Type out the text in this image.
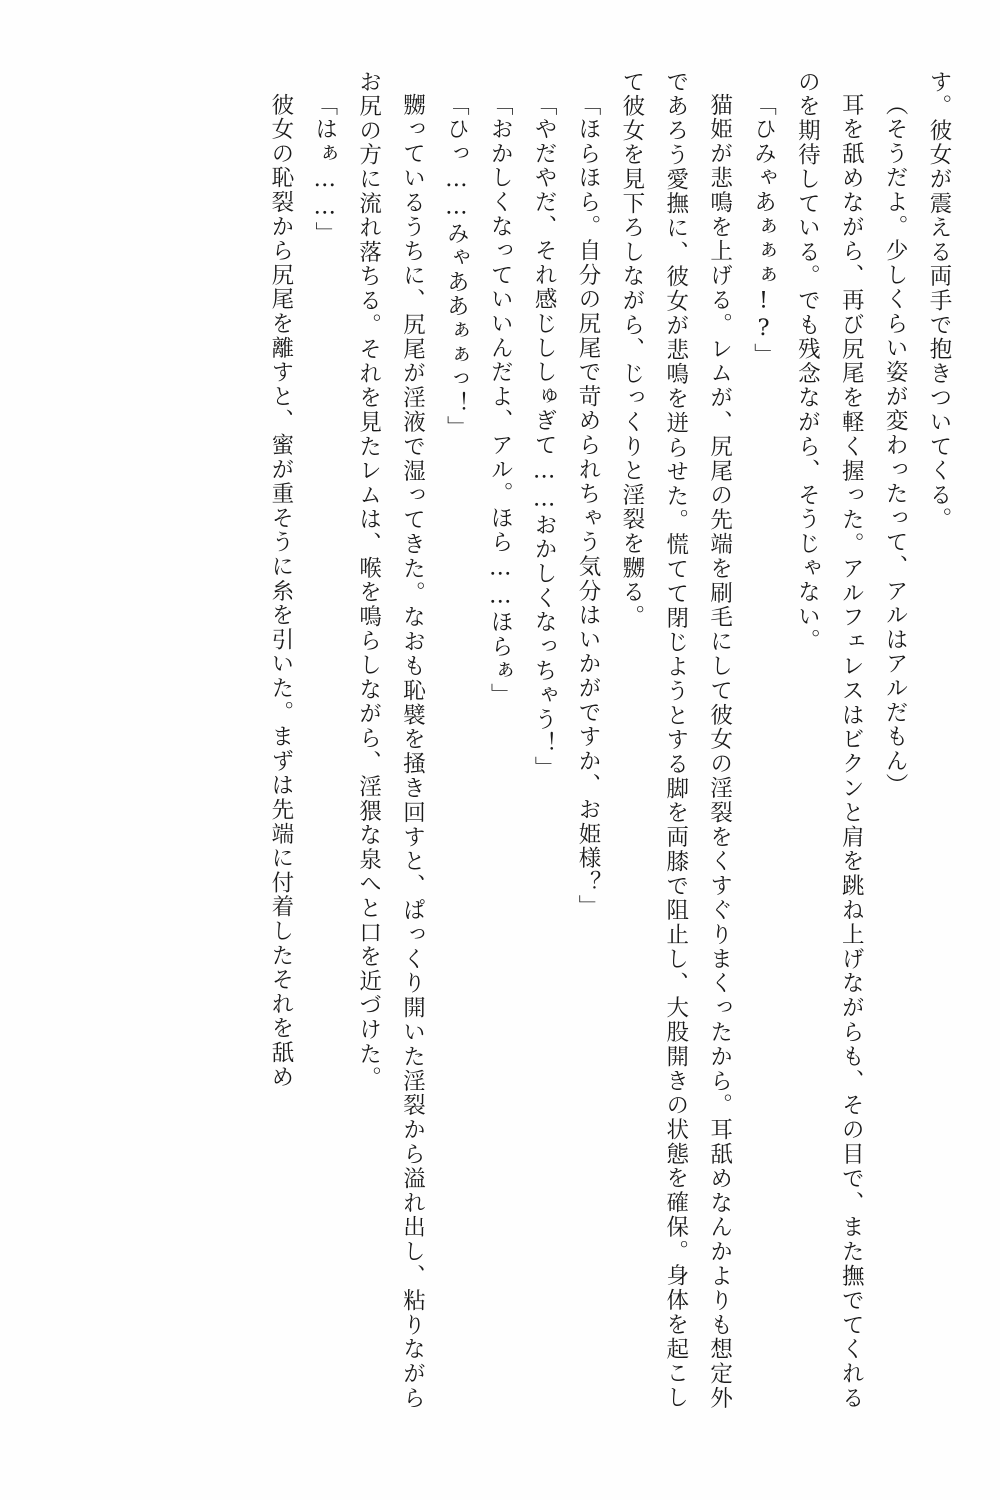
す。彼女が震える両手で抱きついてくる。

（そうだよ。少しくらい姿が変わったって、アルはアルだもん）

耳を舐めながら、再び尻尾を軽く握った。アルフェレスはビクンと肩を跳ね上げながらも、その目で、また撫でてくれるのを期待している。でも残念ながら、そうじゃない。

「ひみゃあぁぁぁ!?」

猫姫が悲鳴を上げる。レムが、尻尾の先端を刷毛にして彼女の淫裂をくすぐりまくったから。耳舐めなんかよりも想定外であろう愛撫に、彼女が悲鳴を迸らせた。慌てて閉じようとする脚を両膝で阻止し、大股開きの状態を確保。身体を起こして彼女を見下ろしながら、じっくりと淫裂を嬲る。

「ほらほら。自分の尻尾で苛められちゃう気分はいかがですか、お姫様？」

「やだやだ、それ感じししゅぎて……おかしくなっちゃう！」

「おかしくなっていいんだよ、アル。ほら……ほらぁ」

「ひっ……みゃああぁぁっ！」

嬲っているうちに、尻尾が淫液で湿ってきた。なおも恥襞を掻き回すと、ぱっくり開いた淫裂から溢れ出し、粘りながらお尻の方に流れ落ちる。それを見たレムは、喉を鳴らしながら、淫猥な泉へと口を近づけた。

「はぁ……」

彼女の恥裂から尻尾を離すと、蜜が重そうに糸を引いた。まずは先端に付着したそれを舐め
